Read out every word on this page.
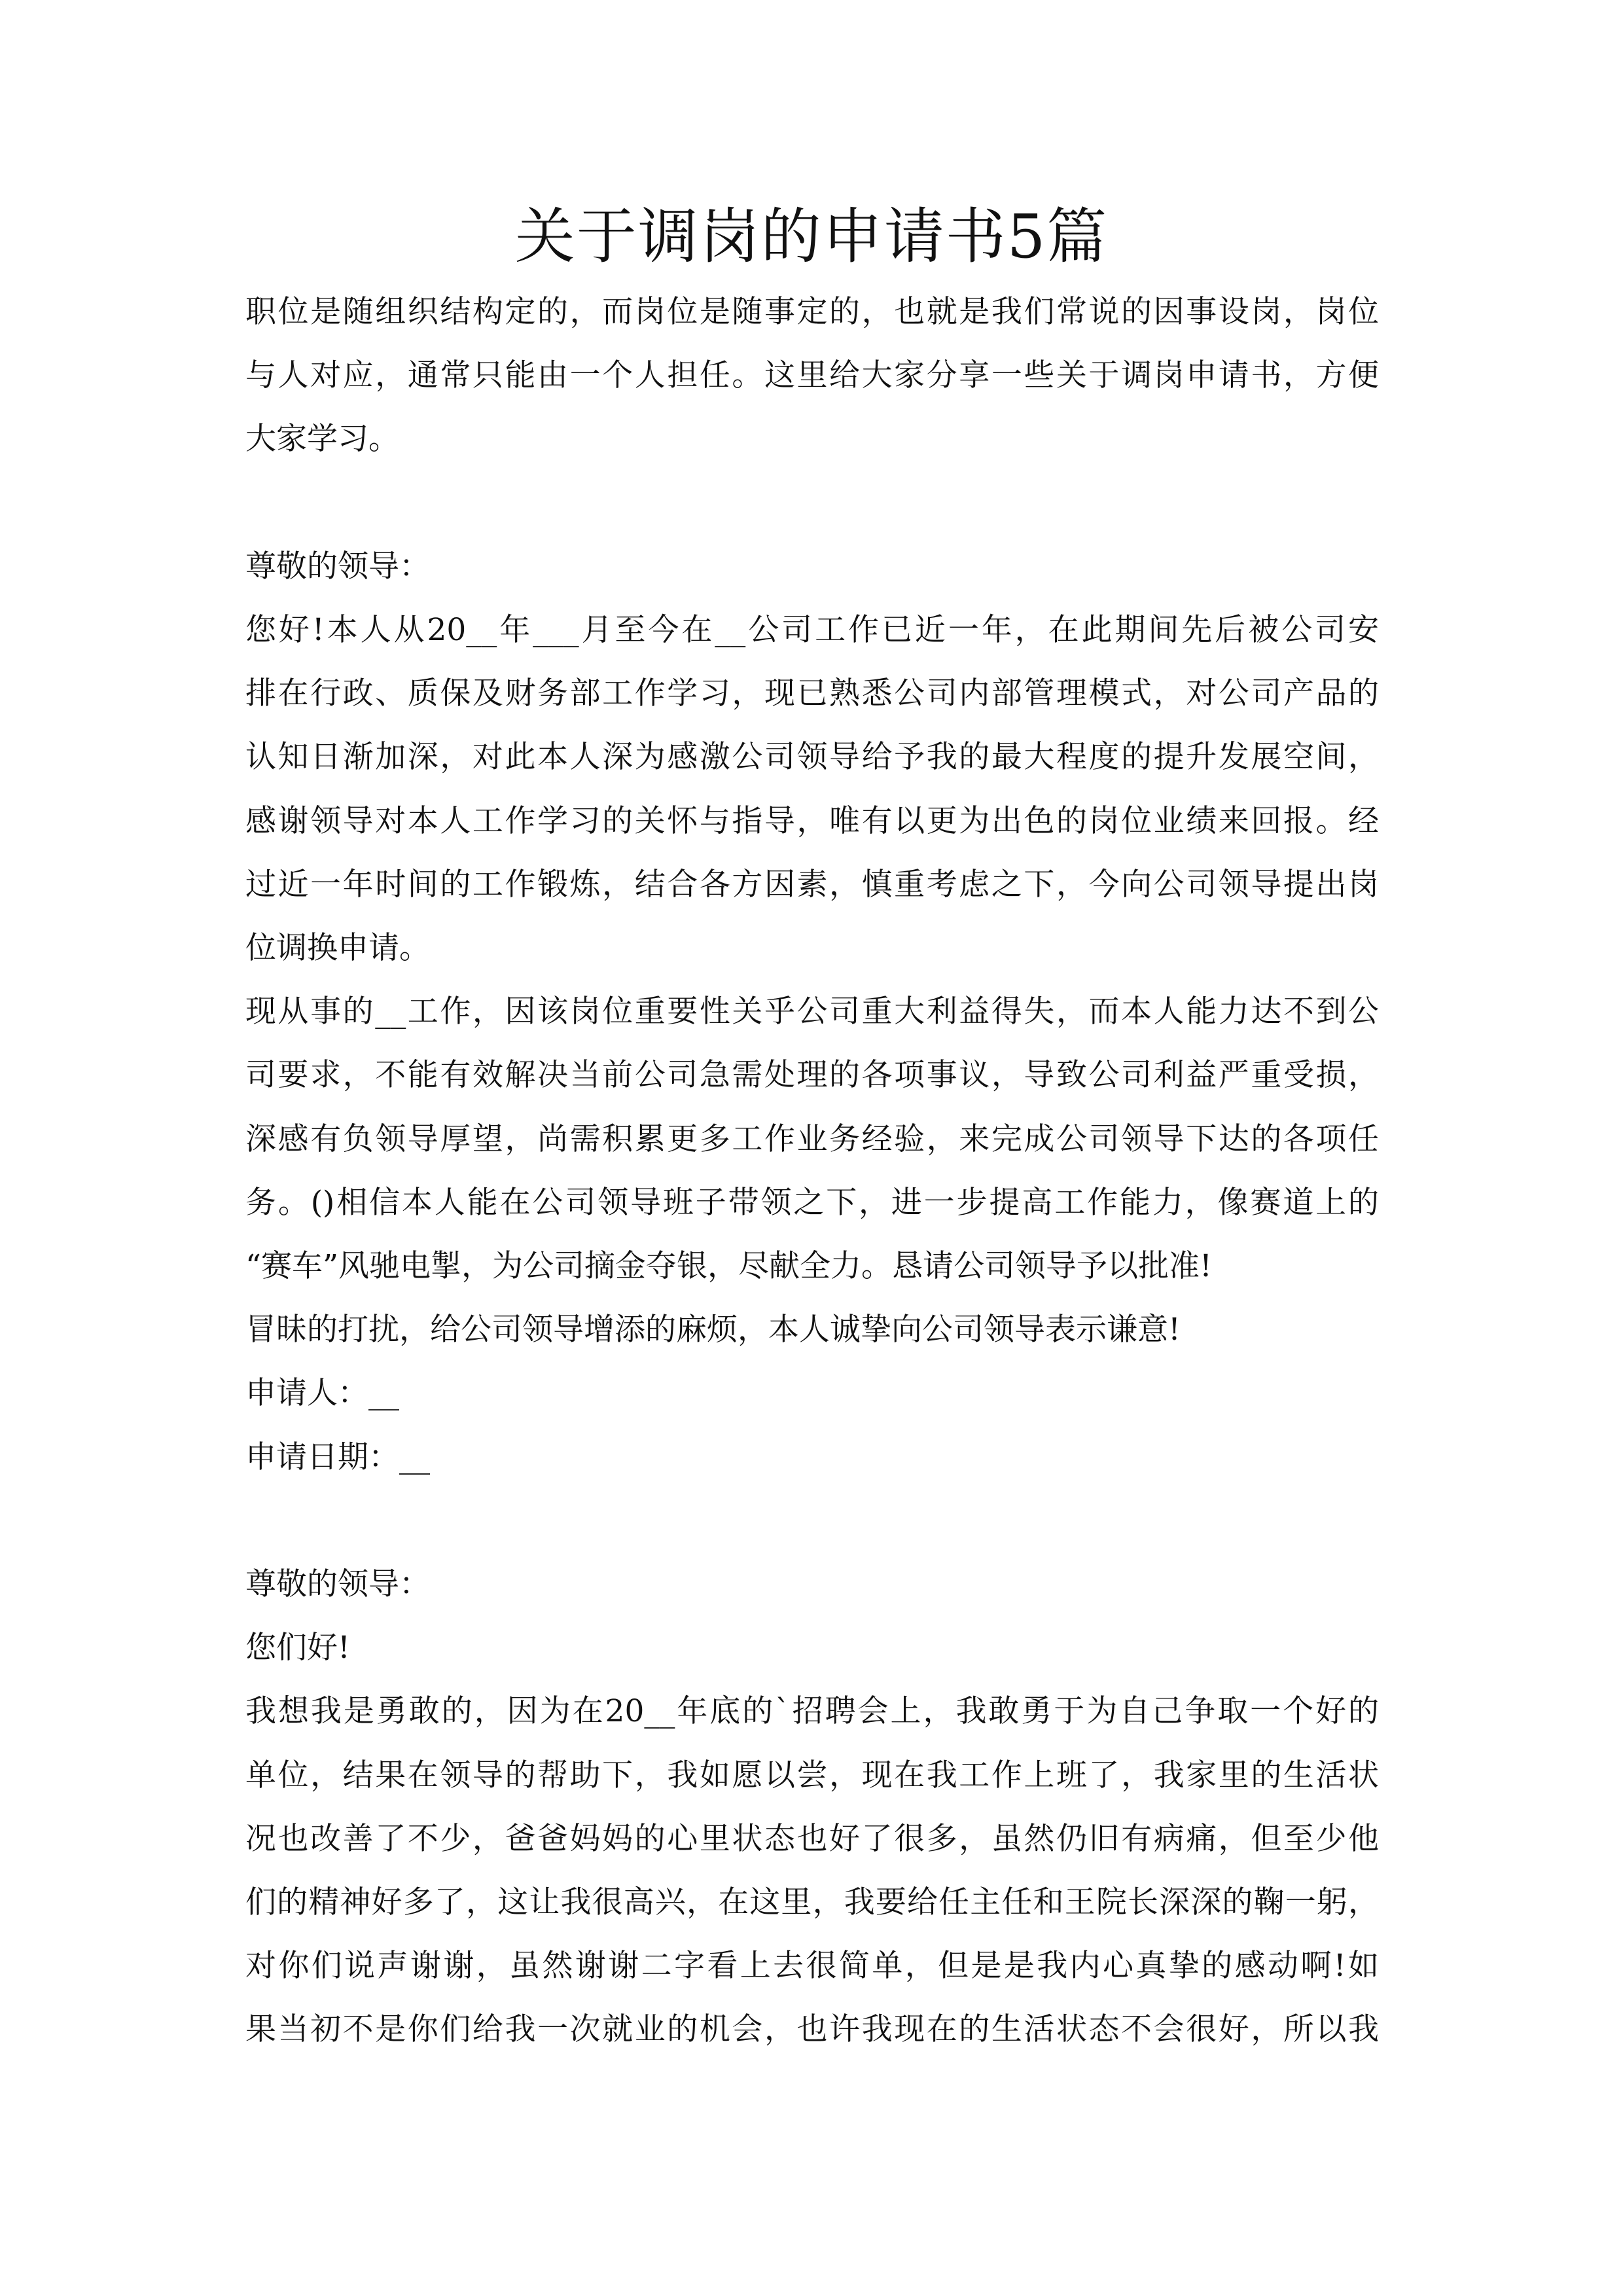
关于调岗的申请书5篇
职位是随组织结构定的，而岗位是随事定的，也就是我们常说的因事设岗，岗位
与人对应，通常只能由一个人担任。这里给大家分享一些关于调岗申请书，方便
大家学习。
尊敬的领导：
您好!本人从20__年___月至今在__公司工作已近一年，在此期间先后被公司安
排在行政、质保及财务部工作学习，现已熟悉公司内部管理模式，对公司产品的
认知日渐加深，对此本人深为感激公司领导给予我的最大程度的提升发展空间，
感谢领导对本人工作学习的关怀与指导，唯有以更为出色的岗位业绩来回报。经
过近一年时间的工作锻炼，结合各方因素，慎重考虑之下，今向公司领导提出岗
位调换申请。
现从事的__工作，因该岗位重要性关乎公司重大利益得失，而本人能力达不到公
司要求，不能有效解决当前公司急需处理的各项事议，导致公司利益严重受损，
深感有负领导厚望，尚需积累更多工作业务经验，来完成公司领导下达的各项任
务。()相信本人能在公司领导班子带领之下，进一步提高工作能力，像赛道上的
“赛车”风驰电掣，为公司摘金夺银，尽献全力。恳请公司领导予以批准!
冒昧的打扰，给公司领导增添的麻烦，本人诚挚向公司领导表示谦意!
申请人：__
申请日期：__
尊敬的领导：
您们好!
我想我是勇敢的，因为在20__年底的`招聘会上，我敢勇于为自己争取一个好的
单位，结果在领导的帮助下，我如愿以尝，现在我工作上班了，我家里的生活状
况也改善了不少，爸爸妈妈的心里状态也好了很多，虽然仍旧有病痛，但至少他
们的精神好多了，这让我很高兴，在这里，我要给任主任和王院长深深的鞠一躬，
对你们说声谢谢，虽然谢谢二字看上去很简单，但是是我内心真挚的感动啊!如
果当初不是你们给我一次就业的机会，也许我现在的生活状态不会很好，所以我
